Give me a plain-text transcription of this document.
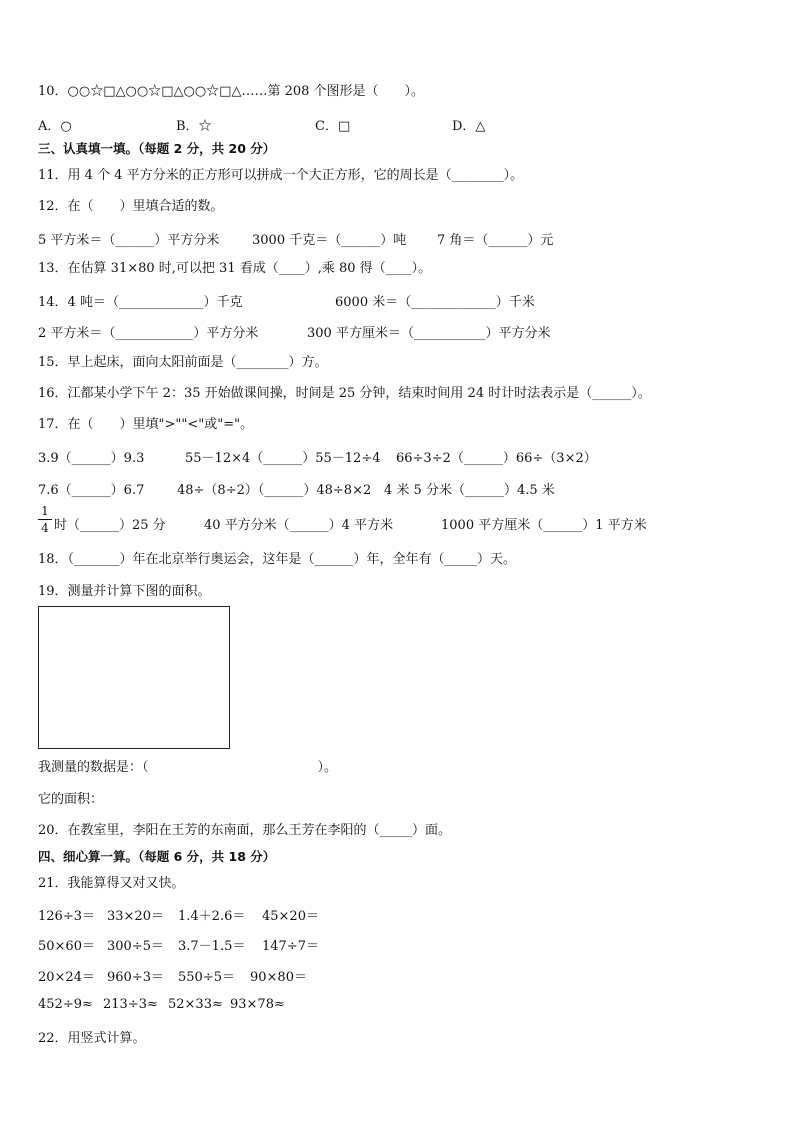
10．○○☆□△○○☆□△○○☆□△……第 208 个图形是（　　）。
A．○	B．☆	C．□	D．△
三、认真填一填。（每题 2 分，共 20 分）
11．用 4 个 4 平方分米的正方形可以拼成一个大正方形，它的周长是（________）。
12．在（　　）里填合适的数。
5 平方米＝（______）平方分米	3000 千克＝（______）吨 7 角＝（______）元
13．在估算 31×80 时,可以把 31 看成（____）,乘 80 得（____）。
14．4 吨＝（_____________）千克	6000 米＝（_____________）千米
2 平方米＝（____________）平方分米	300 平方厘米＝（___________）平方分米
15．早上起床，面向太阳前面是（________）方。
16．江都某小学下午 2：35 开始做课间操，时间是 25 分钟，结束时间用 24 时计时法表示是（______）。
17．在（　　）里填">""<"或"="。
3.9（______）9.3	55－12×4（______）55－12÷4 66÷3÷2（______）66÷（3×2）
7.6（______）6.7	48÷（8÷2）（______）48÷8×2 4 米 5 分米（______）4.5 米
1
4 时（______）25 分	40 平方分米（______）4 平方米	1000 平方厘米（______）1 平方米
18．（_______）年在北京举行奥运会，这年是（______）年，全年有（_____）天。
19．测量并计算下图的面积。
我测量的数据是：（　　　　　　　　　　　　　）。
它的面积：
20．在教室里，李阳在王芳的东南面，那么王芳在李阳的（_____）面。
四、细心算一算。（每题 6 分，共 18 分）
21．我能算得又对又快。
126÷3＝ 33×20＝ 1.4＋2.6＝ 45×20＝
50×60＝ 300÷5＝ 3.7－1.5＝ 147÷7＝
20×24＝ 960÷3＝ 550÷5＝ 90×80＝
452÷9≈ 213÷3≈ 52×33≈ 93×78≈
22．用竖式计算。
